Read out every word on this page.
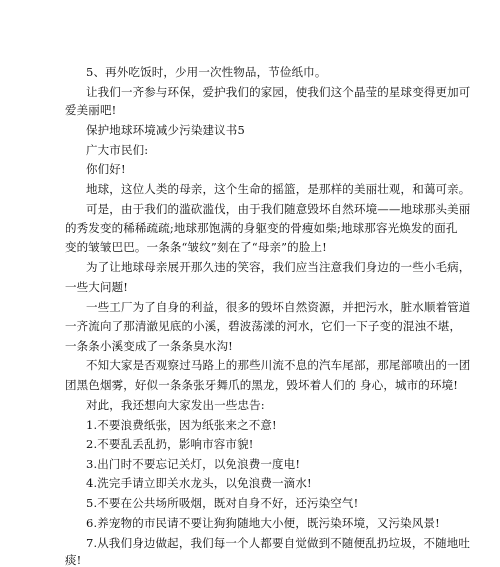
5、再外吃饭时，少用一次性物品，节俭纸巾。
让我们一齐参与环保，爱护我们的家园，使我们这个晶莹的星球变得更加可
爱美丽吧!
保护地球环境减少污染建议书5
广大市民们:
你们好!
地球，这位人类的母亲，这个生命的摇篮，是那样的美丽壮观，和蔼可亲。
可是，由于我们的滥砍滥伐，由于我们随意毁坏自然环境——地球那头美丽
的秀发变的稀稀疏疏;地球那饱满的身躯变的骨瘦如柴;地球那容光焕发的面孔
变的皱皱巴巴。一条条“皱纹”刻在了“母亲”的脸上!
为了让地球母亲展开那久违的笑容，我们应当注意我们身边的一些小毛病，
一些大问题!
一些工厂为了自身的利益，很多的毁坏自然资源，并把污水，脏水顺着管道
一齐流向了那清澈见底的小溪，碧波荡漾的河水，它们一下子变的混浊不堪，
一条条小溪变成了一条条臭水沟!
不知大家是否观察过马路上的那些川流不息的汽车尾部，那尾部喷出的一团
团黑色烟雾，好似一条条张牙舞爪的黑龙，毁坏着人们的 身心，城市的环境!
对此，我还想向大家发出一些忠告:
1.不要浪费纸张，因为纸张来之不意!
2.不要乱丢乱扔，影响市容市貌!
3.出门时不要忘记关灯，以免浪费一度电!
4.洗完手请立即关水龙头，以免浪费一滴水!
5.不要在公共场所吸烟，既对自身不好，还污染空气!
6.养宠物的市民请不要让狗狗随地大小便，既污染环境，又污染风景!
7.从我们身边做起，我们每一个人都要自觉做到不随便乱扔垃圾，不随地吐
痰!
